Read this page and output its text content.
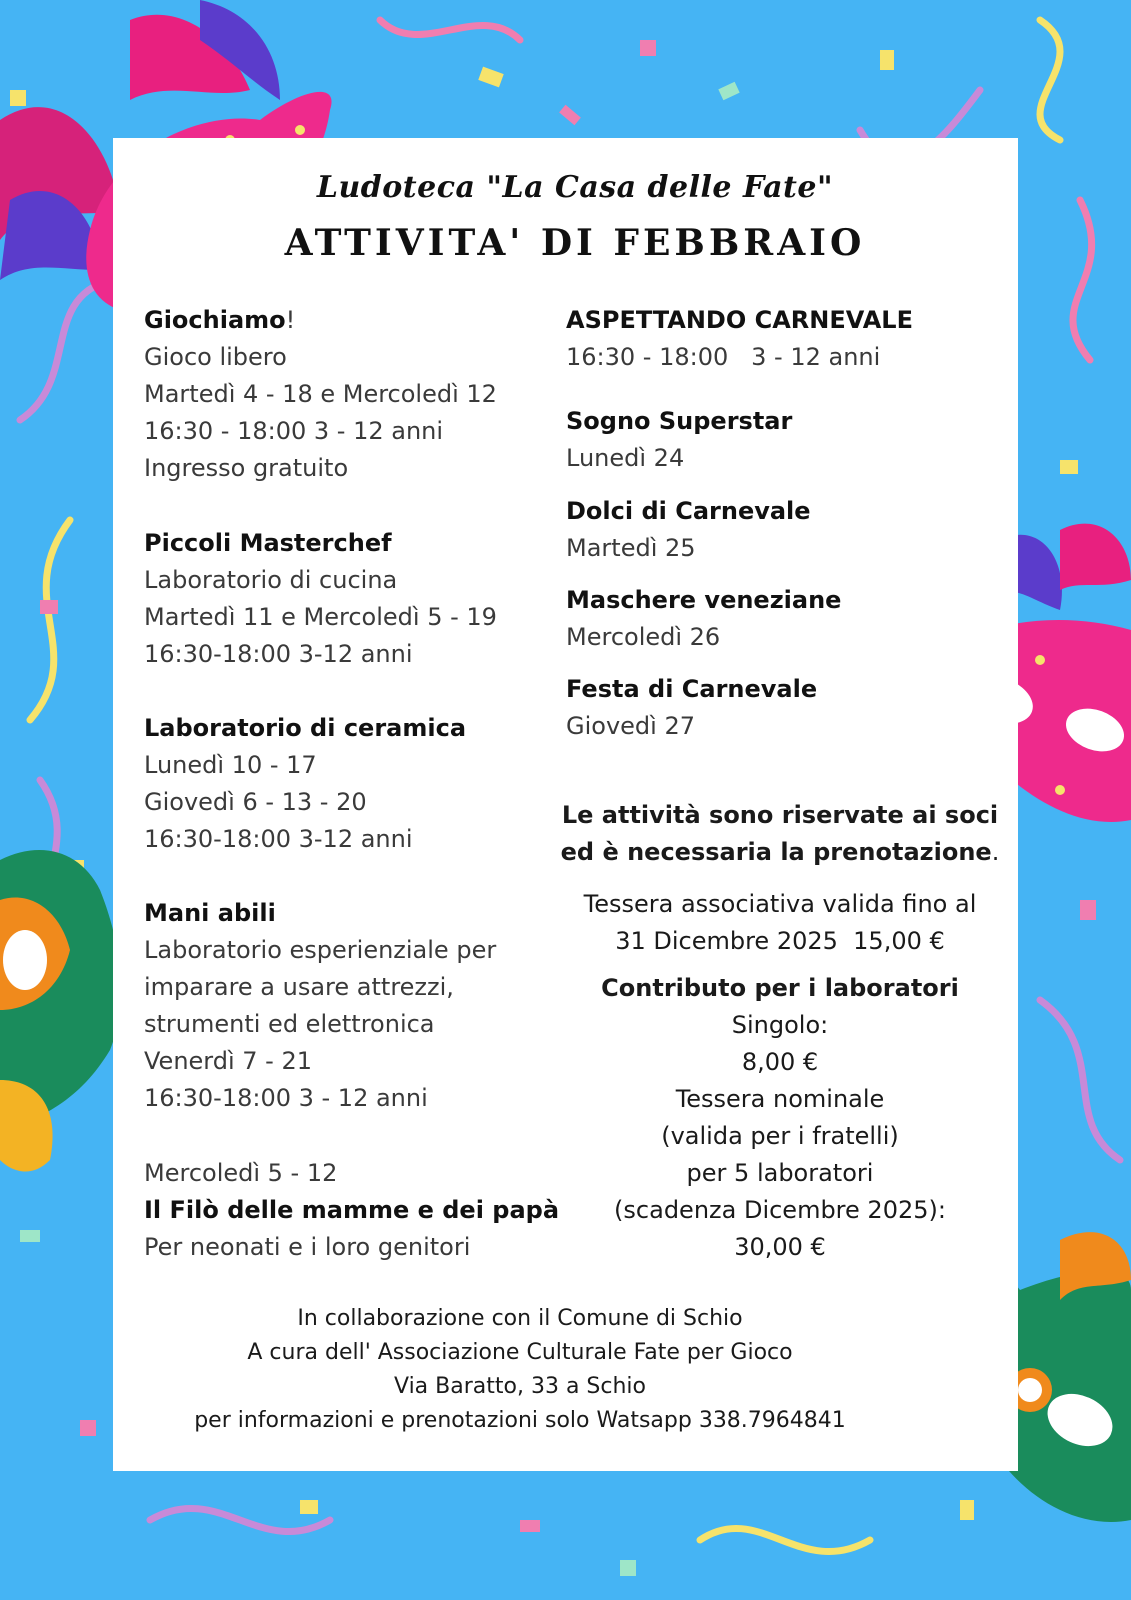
Ludoteca "La Casa delle Fate"
ATTIVITA' DI FEBBRAIO
Giochiamo!
Gioco libero
Martedì 4 - 18 e Mercoledì 12
16:30 - 18:00 3 - 12 anni
Ingresso gratuito
Piccoli Masterchef
Laboratorio di cucina
Martedì 11 e Mercoledì 5 - 19
16:30-18:00 3-12 anni
Laboratorio di ceramica
Lunedì 10 - 17
Giovedì 6 - 13 - 20
16:30-18:00 3-12 anni
Mani abili
Laboratorio esperienziale per
imparare a usare attrezzi,
strumenti ed elettronica
Venerdì 7 - 21
16:30-18:00 3 - 12 anni
Mercoledì 5 - 12
Il Filò delle mamme e dei papà
Per neonati e i loro genitori
ASPETTANDO CARNEVALE
16:30 - 18:00   3 - 12 anni
Sogno Superstar
Lunedì 24
Dolci di Carnevale
Martedì 25
Maschere veneziane
Mercoledì 26
Festa di Carnevale
Giovedì 27
Le attività sono riservate ai soci
ed è necessaria la prenotazione.
Tessera associativa valida fino al
31 Dicembre 2025  15,00 €
Contributo per i laboratori
Singolo:
8,00 €
Tessera nominale
(valida per i fratelli)
per 5 laboratori
(scadenza Dicembre 2025):
30,00 €
In collaborazione con il Comune di Schio
A cura dell' Associazione Culturale Fate per Gioco
Via Baratto, 33 a Schio
per informazioni e prenotazioni solo Watsapp 338.7964841
